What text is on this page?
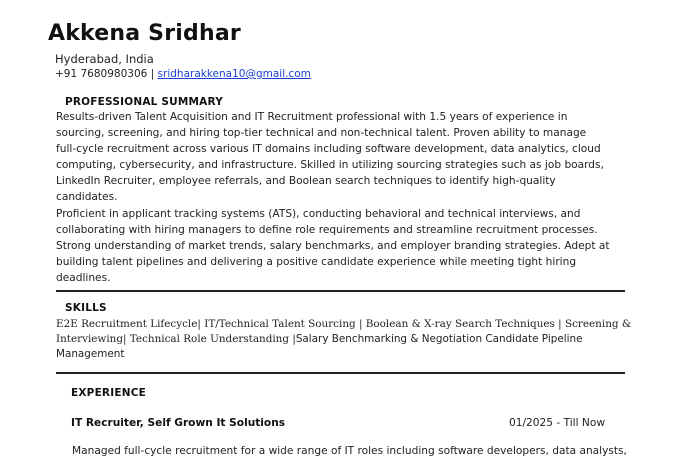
Akkena Sridhar
Hyderabad, India
+91 7680980306 | sridharakkena10@gmail.com
PROFESSIONAL SUMMARY
Results-driven Talent Acquisition and IT Recruitment professional with 1.5 years of experience in
sourcing, screening, and hiring top-tier technical and non-technical talent. Proven ability to manage
full-cycle recruitment across various IT domains including software development, data analytics, cloud
computing, cybersecurity, and infrastructure. Skilled in utilizing sourcing strategies such as job boards,
LinkedIn Recruiter, employee referrals, and Boolean search techniques to identify high-quality
candidates.
Proficient in applicant tracking systems (ATS), conducting behavioral and technical interviews, and
collaborating with hiring managers to define role requirements and streamline recruitment processes.
Strong understanding of market trends, salary benchmarks, and employer branding strategies. Adept at
building talent pipelines and delivering a positive candidate experience while meeting tight hiring
deadlines.
SKILLS
E2E Recruitment Lifecycle| IT/Technical Talent Sourcing | Boolean & X-ray Search Techniques | Screening &
Interviewing| Technical Role Understanding |Salary Benchmarking & Negotiation Candidate Pipeline
Management
EXPERIENCE
IT Recruiter, Self Grown It Solutions	01/2025 - Till Now
Managed full-cycle recruitment for a wide range of IT roles including software developers, data analysts,
